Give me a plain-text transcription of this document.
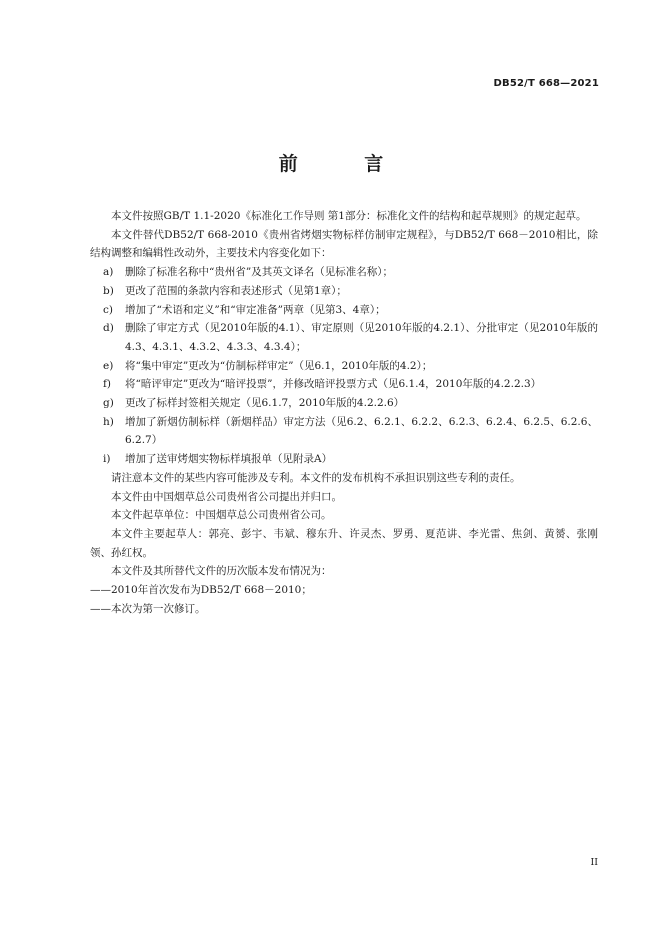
DB52/T 668—2021
前 言

本文件按照GB/T 1.1-2020《标准化工作导则 第1部分：标准化文件的结构和起草规则》的规定起草。

本文件替代DB52/T 668-2010《贵州省烤烟实物标样仿制审定规程》，与DB52/T 668－2010相比，除结构调整和编辑性改动外，主要技术内容变化如下：

a)	删除了标准名称中“贵州省”及其英文译名（见标准名称）；
b)	更改了范围的条款内容和表述形式（见第1章）；
c)	增加了“术语和定义”和“审定准备”两章（见第3、4章）；
d)	删除了审定方式（见2010年版的4.1）、审定原则（见2010年版的4.2.1）、分批审定（见2010年版的4.3、4.3.1、4.3.2、4.3.3、4.3.4）；
e)	将“集中审定”更改为“仿制标样审定”（见6.1，2010年版的4.2）；
f)	将“暗评审定”更改为“暗评投票”，并修改暗评投票方式（见6.1.4，2010年版的4.2.2.3）
g)	更改了标样封签相关规定（见6.1.7，2010年版的4.2.2.6）
h)	增加了新烟仿制标样（新烟样品）审定方法（见6.2、6.2.1、6.2.2、6.2.3、6.2.4、6.2.5、6.2.6、6.2.7）
i)	增加了送审烤烟实物标样填报单（见附录A）

请注意本文件的某些内容可能涉及专利。本文件的发布机构不承担识别这些专利的责任。

本文件由中国烟草总公司贵州省公司提出并归口。

本文件起草单位：中国烟草总公司贵州省公司。

本文件主要起草人：郭亮、彭宇、韦斌、穆东升、许灵杰、罗勇、夏范讲、李光雷、焦剑、黄赟、张刚领、孙红权。

本文件及其所替代文件的历次版本发布情况为：

——2010年首次发布为DB52/T 668－2010；

——本次为第一次修订。

II
